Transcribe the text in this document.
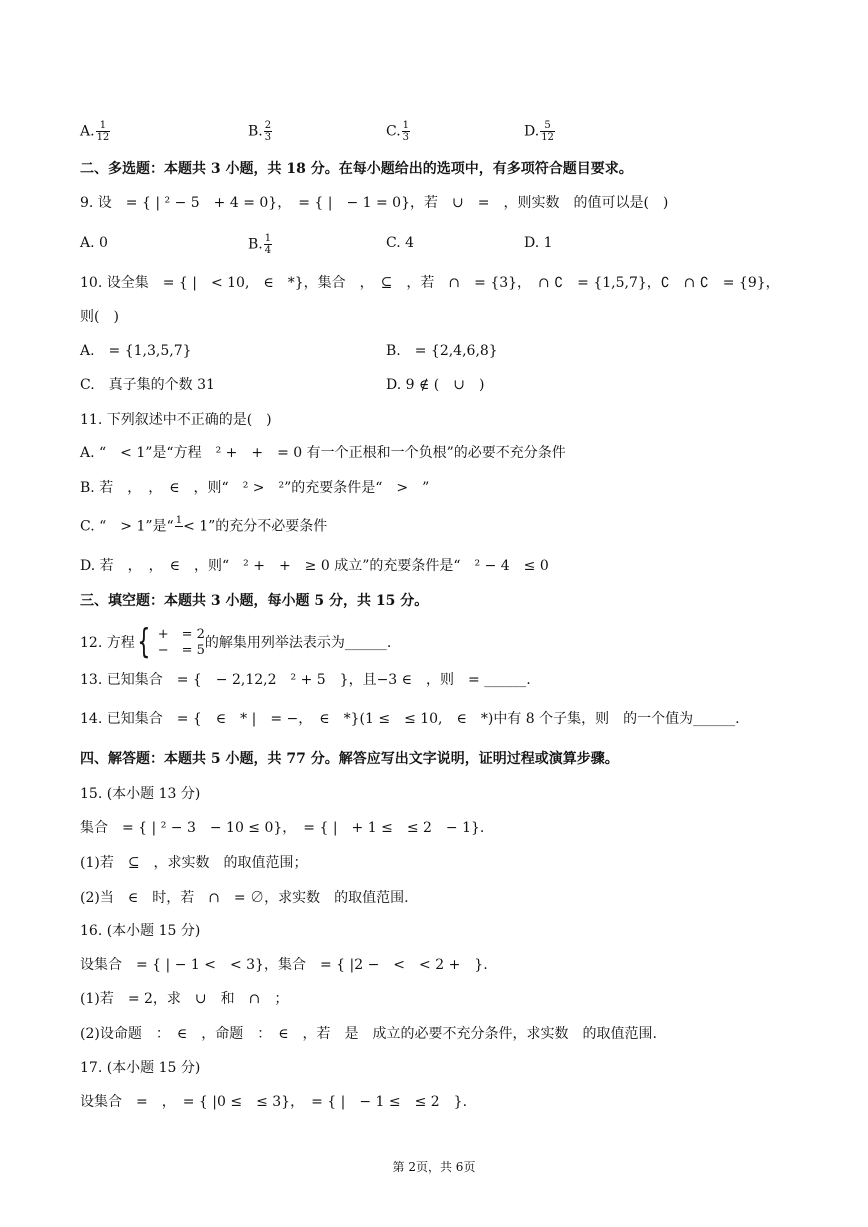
A. $\frac{1}{12}$	B. $\frac{2}{3}$	C. $\frac{1}{3}$	D. $\frac{5}{12}$
二、多选题：本题共 3 小题，共 18 分。在每小题给出的选项中，有多项符合题目要求。
9. 设　= { | ² − 5　+ 4 = 0}，　= { |　− 1 = 0}，若　∪　=　，则实数　的值可以是(　)
A. 0	B. $\frac{1}{4}$	C. 4	D. 1
10. 设全集　= { |　< 10,　∈　*}，集合　，　⊆　，若　∩　= {3}，　∩ ∁　= {1,5,7}，∁　∩ ∁　= {9}，
则(　)
A.　= {1,3,5,7}	B.　= {2,4,6,8}
C.　真子集的个数 31	D. 9 ∉ (　∪　)
11. 下列叙述中不正确的是(　)
A. “　< 1”是“方程　² +　+　= 0 有一个正根和一个负根”的必要不充分条件
B. 若　，　，　∈　，则“　² >　²”的充要条件是“　>　”
C. “　> 1”是“ 1 < 1”的充分不必要条件
D. 若　，　，　∈　，则“　² +　+　≥ 0 成立”的充要条件是“　² − 4　≤ 0
三、填空题：本题共 3 小题，每小题 5 分，共 15 分。
12. 方程 {
　+　= 2
　−　= 5 的解集用列举法表示为______.
13. 已知集合　= {　− 2,12,2　² + 5　}，且−3 ∈　，则　= ______.
14. 已知集合　= {　∈　* |　= −，　∈　*}(1 ≤　≤ 10,　∈　*)中有 8 个子集，则　的一个值为______.
四、解答题：本题共 5 小题，共 77 分。解答应写出文字说明，证明过程或演算步骤。
15. (本小题 13 分)
集合　= { | ² − 3　− 10 ≤ 0}，　= { |　+ 1 ≤　≤ 2　− 1}.
(1)若　⊆　，求实数　的取值范围；
(2)当　∈　时，若　∩　= ∅，求实数　的取值范围.
16. (本小题 15 分)
设集合　= { | − 1 <　< 3}，集合　= { |2 −　<　< 2 +　}.
(1)若　= 2，求　∪　和　∩　；
(2)设命题　：　∈　，命题　：　∈　，若　是　成立的必要不充分条件，求实数　的取值范围.
17. (本小题 15 分)
设集合　=　，　= { |0 ≤　≤ 3}，　= { |　− 1 ≤　≤ 2　}.
第 2页，共 6页
